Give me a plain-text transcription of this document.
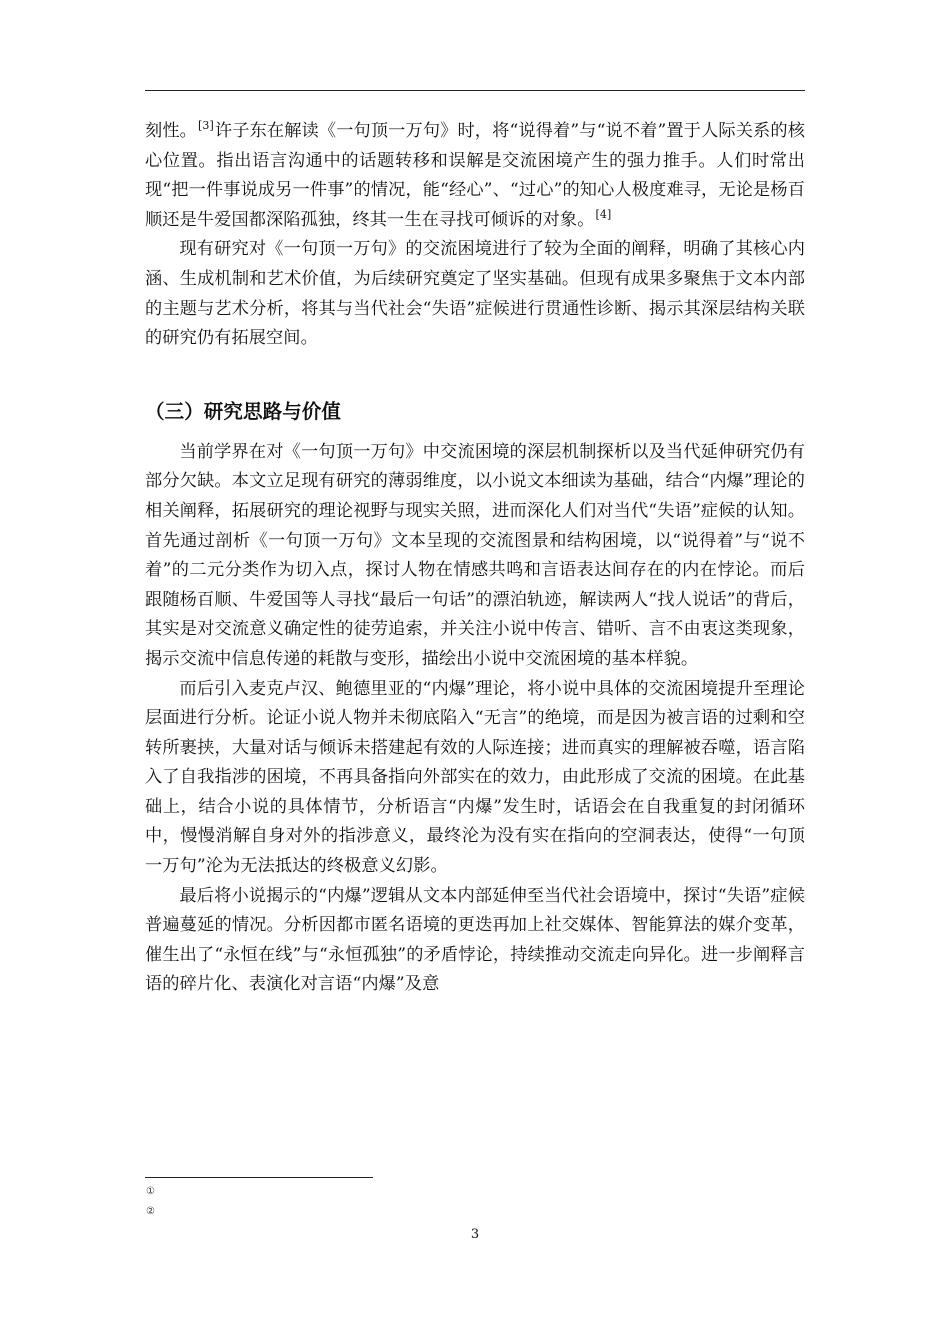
刻性。[3]许子东在解读《一句顶一万句》时，将“说得着”与“说不着”置于人际关系的核心位置。指出语言沟通中的话题转移和误解是交流困境产生的强力推手。人们时常出现“把一件事说成另一件事”的情况，能“经心”、“过心”的知心人极度难寻，无论是杨百顺还是牛爱国都深陷孤独，终其一生在寻找可倾诉的对象。[4]

现有研究对《一句顶一万句》的交流困境进行了较为全面的阐释，明确了其核心内涵、生成机制和艺术价值，为后续研究奠定了坚实基础。但现有成果多聚焦于文本内部的主题与艺术分析，将其与当代社会“失语”症候进行贯通性诊断、揭示其深层结构关联的研究仍有拓展空间。

（三）研究思路与价值

当前学界在对《一句顶一万句》中交流困境的深层机制探析以及当代延伸研究仍有部分欠缺。本文立足现有研究的薄弱维度，以小说文本细读为基础，结合“内爆”理论的相关阐释，拓展研究的理论视野与现实关照，进而深化人们对当代“失语”症候的认知。首先通过剖析《一句顶一万句》文本呈现的交流图景和结构困境，以“说得着”与“说不着”的二元分类作为切入点，探讨人物在情感共鸣和言语表达间存在的内在悖论。而后跟随杨百顺、牛爱国等人寻找“最后一句话”的漂泊轨迹，解读两人“找人说话”的背后，其实是对交流意义确定性的徒劳追索，并关注小说中传言、错听、言不由衷这类现象，揭示交流中信息传递的耗散与变形，描绘出小说中交流困境的基本样貌。

而后引入麦克卢汉、鲍德里亚的“内爆”理论，将小说中具体的交流困境提升至理论层面进行分析。论证小说人物并未彻底陷入“无言”的绝境，而是因为被言语的过剩和空转所裹挟，大量对话与倾诉未搭建起有效的人际连接；进而真实的理解被吞噬，语言陷入了自我指涉的困境，不再具备指向外部实在的效力，由此形成了交流的困境。在此基础上，结合小说的具体情节，分析语言“内爆”发生时，话语会在自我重复的封闭循环中，慢慢消解自身对外的指涉意义，最终沦为没有实在指向的空洞表达，使得“一句顶一万句”沦为无法抵达的终极意义幻影。

最后将小说揭示的“内爆”逻辑从文本内部延伸至当代社会语境中，探讨“失语”症候普遍蔓延的情况。分析因都市匿名语境的更迭再加上社交媒体、智能算法的媒介变革，催生出了“永恒在线”与“永恒孤独”的矛盾悖论，持续推动交流走向异化。进一步阐释言语的碎片化、表演化对言语“内爆”及意

①
②
3
